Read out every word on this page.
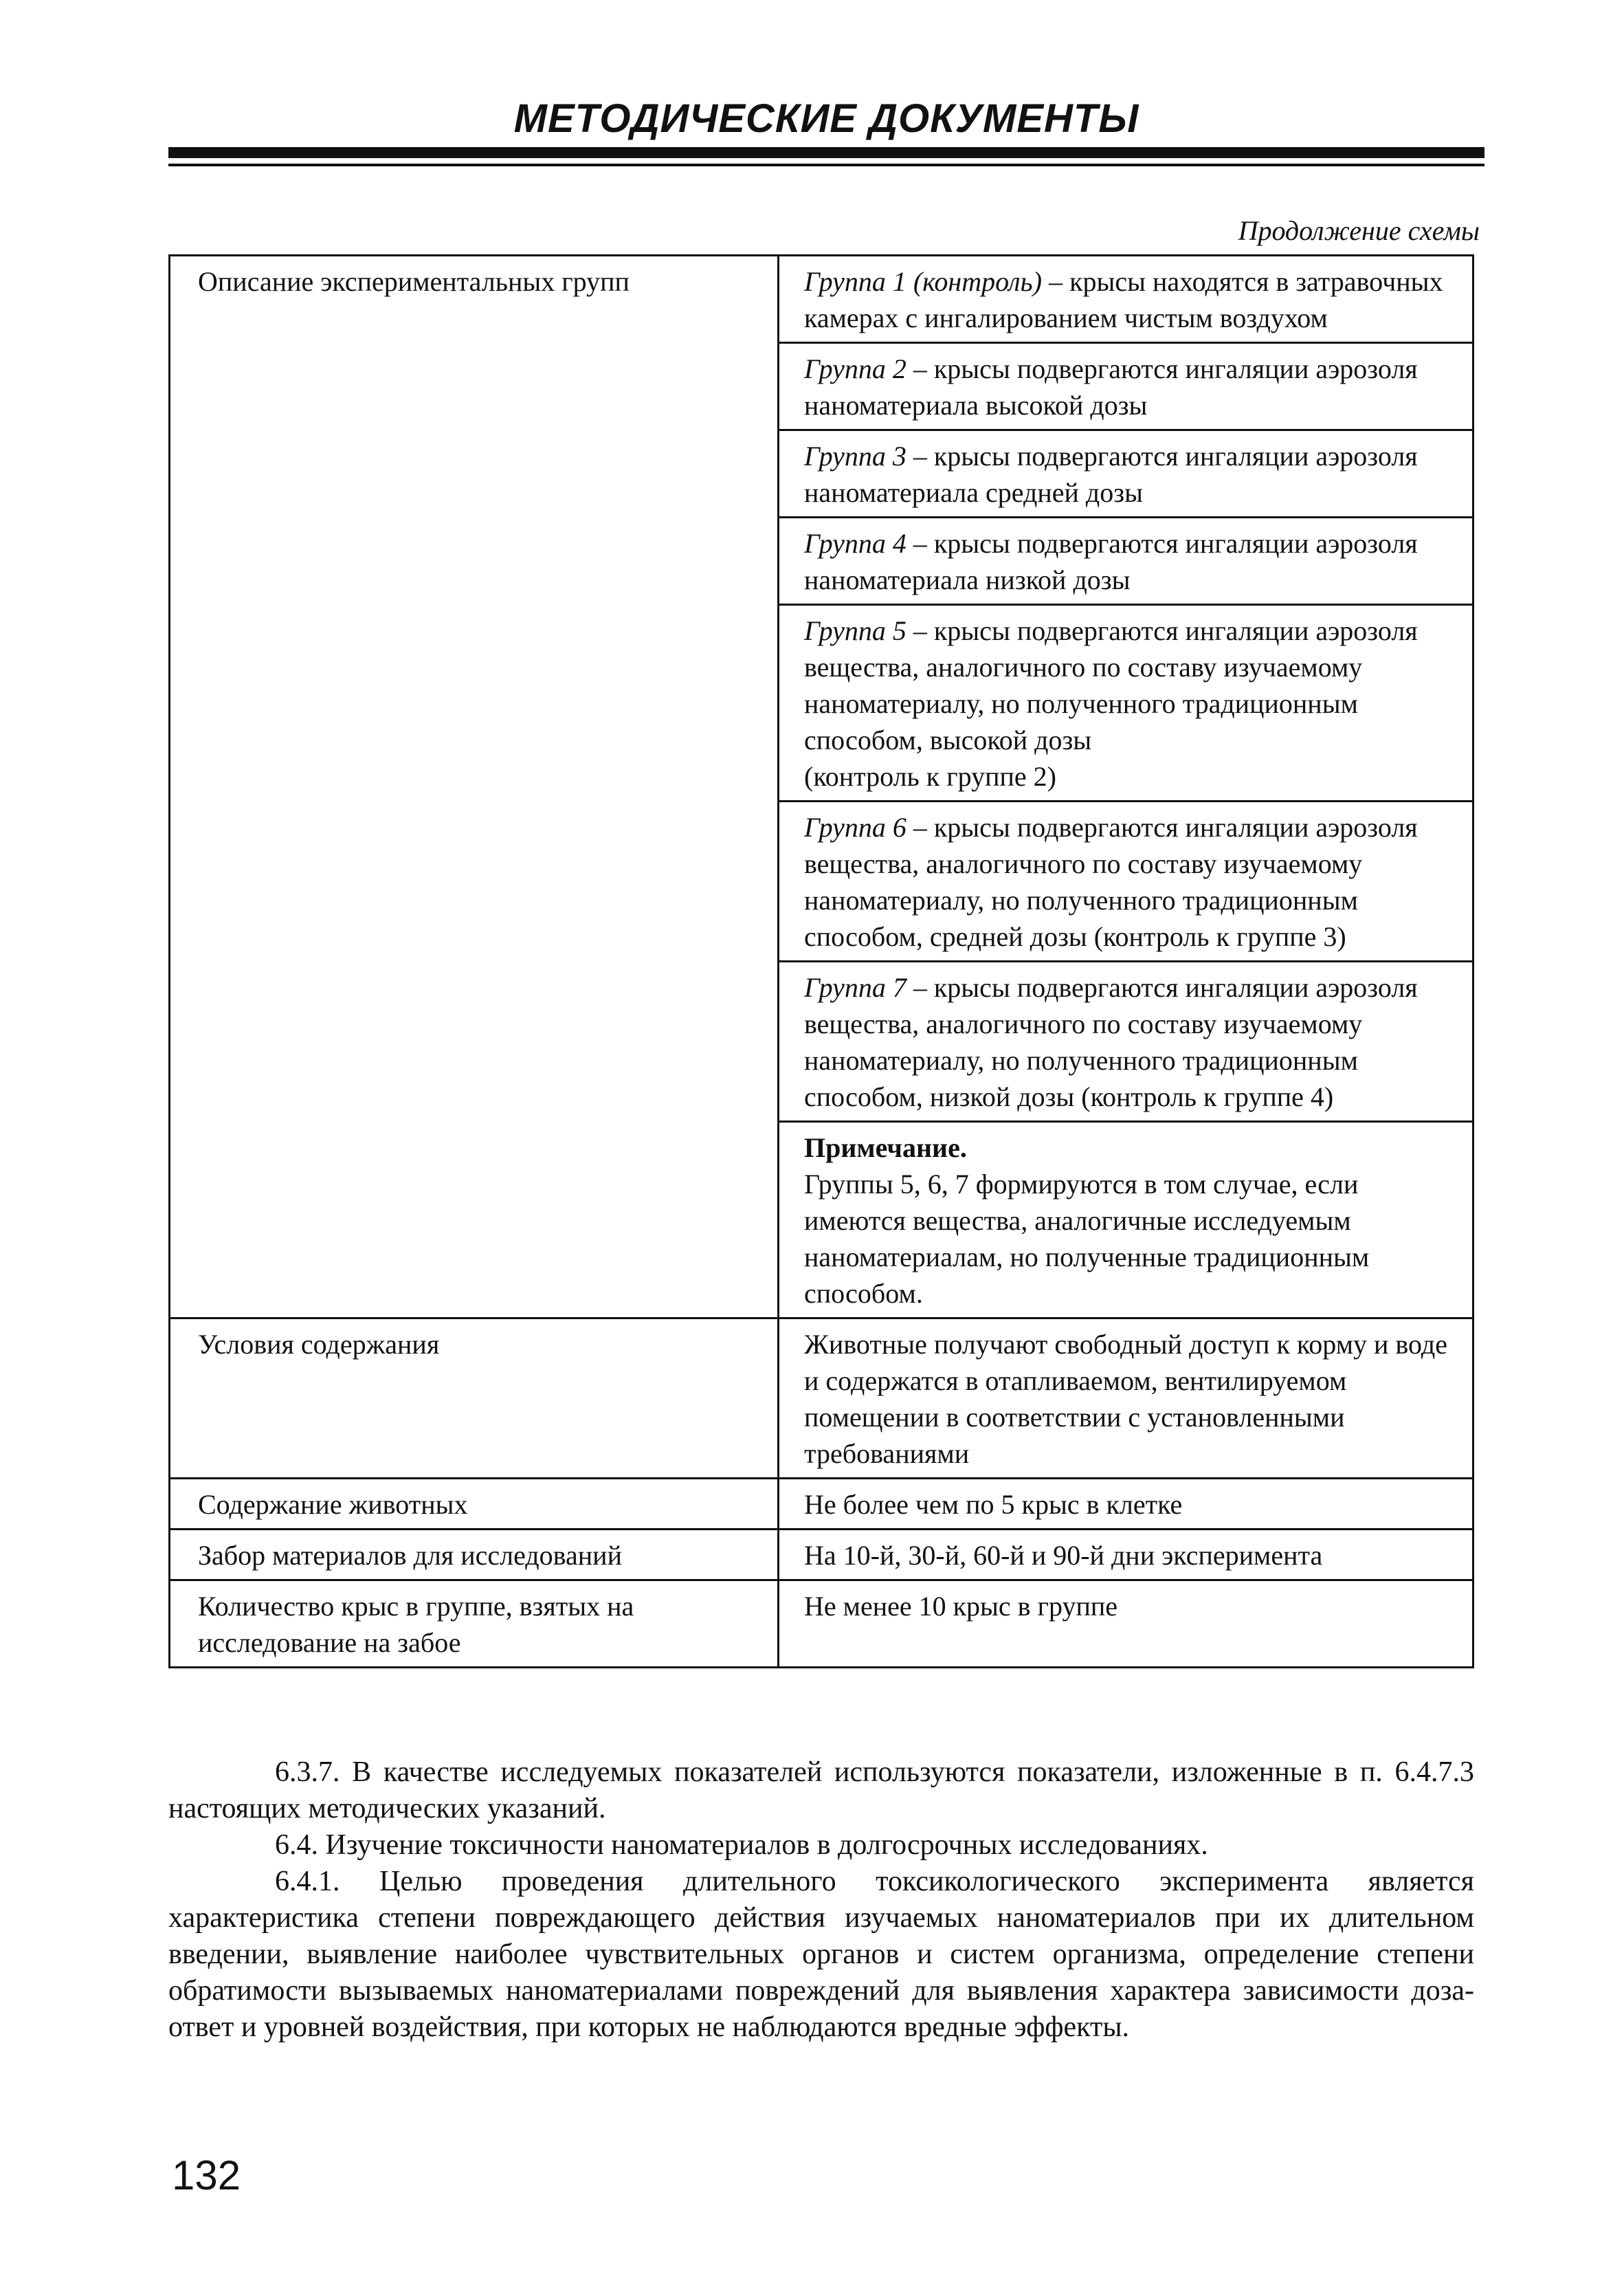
МЕТОДИЧЕСКИЕ ДОКУМЕНТЫ
Продолжение схемы
Описание экспериментальных групп	Группа 1 (контроль) – крысы находятся в затравочных камерах с ингалированием чистым воздухом
	Группа 2 – крысы подвергаются ингаляции аэрозоля наноматериала высокой дозы
	Группа 3 – крысы подвергаются ингаляции аэрозоля наноматериала средней дозы
	Группа 4 – крысы подвергаются ингаляции аэрозоля наноматериала низкой дозы
	Группа 5 – крысы подвергаются ингаляции аэрозоля вещества, аналогичного по составу изучаемому наноматериалу, но полученного традиционным способом, высокой дозы
(контроль к группе 2)
	Группа 6 – крысы подвергаются ингаляции аэрозоля вещества, аналогичного по составу изучаемому наноматериалу, но полученного традиционным способом, средней дозы (контроль к группе 3)
	Группа 7 – крысы подвергаются ингаляции аэрозоля вещества, аналогичного по составу изучаемому наноматериалу, но полученного традиционным способом, низкой дозы (контроль к группе 4)

	Примечание.
Группы 5, 6, 7 формируются в том случае, если имеются вещества, аналогичные исследуемым наноматериалам, но полученные традиционным способом.
Условия содержания	Животные получают свободный доступ к корму и воде и содержатся в отапливаемом, вентилируемом помещении в соответствии с установленными требованиями
Содержание животных	Не более чем по 5 крыс в клетке
Забор материалов для исследований	На 10-й, 30-й, 60-й и 90-й дни эксперимента
Количество крыс в группе, взятых на исследование на забое	Не менее 10 крыс в группе

6.3.7. В качестве исследуемых показателей используются показатели, изложенные в п. 6.4.7.3 настоящих методических указаний.

6.4. Изучение токсичности наноматериалов в долгосрочных исследованиях.

6.4.1. Целью проведения длительного токсикологического эксперимента является характеристика степени повреждающего действия изучаемых наноматериалов при их длительном введении, выявление наиболее чувствительных органов и систем организма, определение степени обратимости вызываемых наноматериалами повреждений для выявления характера зависимости доза-ответ и уровней воздействия, при которых не наблюдаются вредные эффекты.

132
